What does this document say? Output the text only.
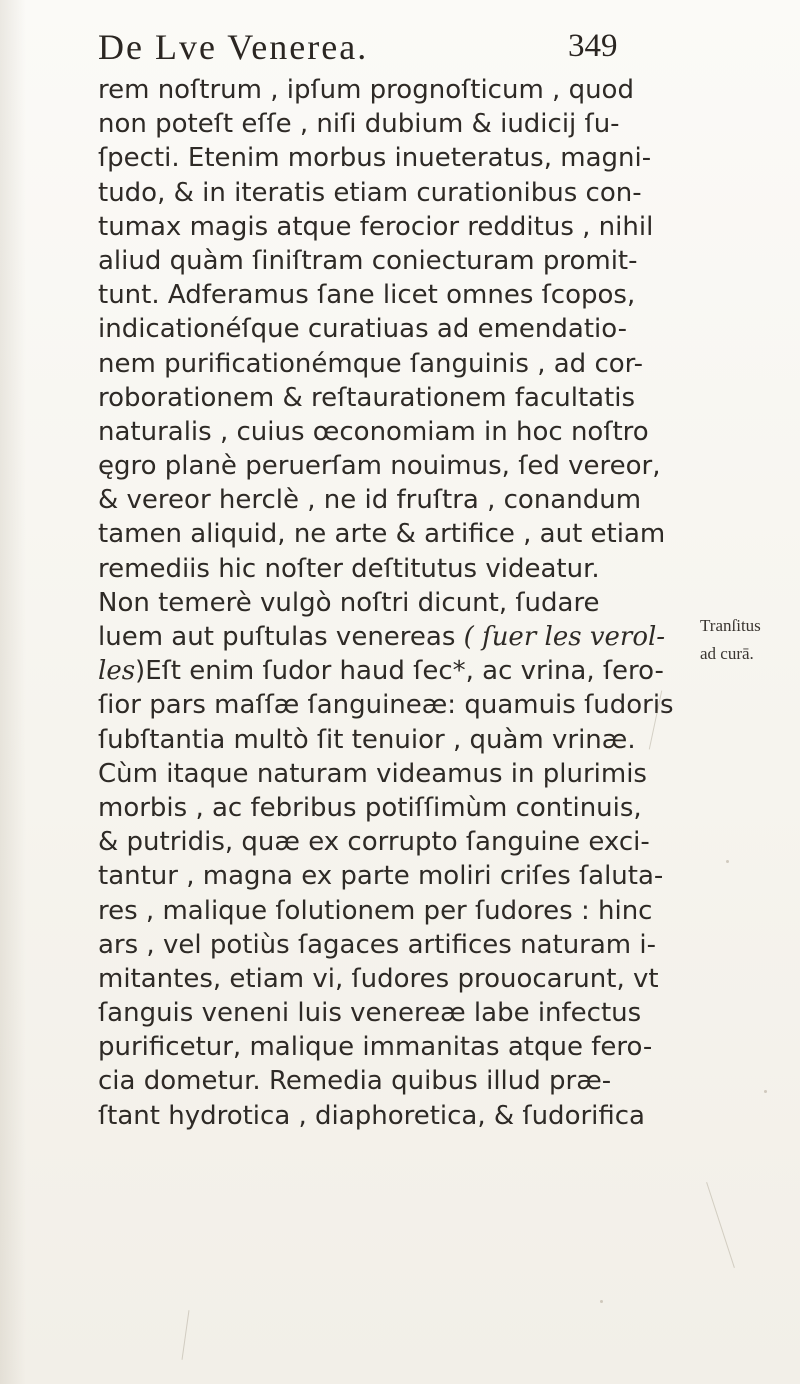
De Lve Venerea.	349
rem noſtrum , ipſum prognoſticum , quod
non poteſt eſſe , niſi dubium & iudicij ſu-
ſpecti. Etenim morbus inueteratus, magni-
tudo, & in iteratis etiam curationibus con-
tumax magis atque ferocior redditus , nihil
aliud quàm ſiniſtram coniecturam promit-
tunt. Adferamus ſane licet omnes ſcopos,
indicationéſque curatiuas ad emendatio-
nem purificationémque ſanguinis , ad cor-
roborationem & reſtaurationem facultatis
naturalis , cuius œconomiam in hoc noſtro
ęgro planè peruerſam nouimus, ſed vereor,
& vereor herclè , ne id fruſtra , conandum
tamen aliquid, ne arte & artifice , aut etiam
remediis hic noſter deſtitutus videatur.
Non temerè vulgò noſtri dicunt, ſudare
luem aut puſtulas venereas ( ſuer les verol-
les)Eſt enim ſudor haud ſec*, ac vrina, ſero-
ſior pars maſſæ ſanguineæ: quamuis ſudoris
ſubſtantia multò ſit tenuior , quàm vrinæ.
Cùm itaque naturam videamus in plurimis
morbis , ac febribus potiſſimùm continuis,
& putridis, quæ ex corrupto ſanguine exci-
tantur , magna ex parte moliri criſes ſaluta-
res , malique ſolutionem per ſudores : hinc
ars , vel potiùs ſagaces artifices naturam i-
mitantes, etiam vi, ſudores prouocarunt, vt
ſanguis veneni luis venereæ labe infectus
purificetur, malique immanitas atque fero-
cia dometur. Remedia quibus illud præ-
ſtant hydrotica , diaphoretica, & ſudorifica
Tranſitus
ad curā.
